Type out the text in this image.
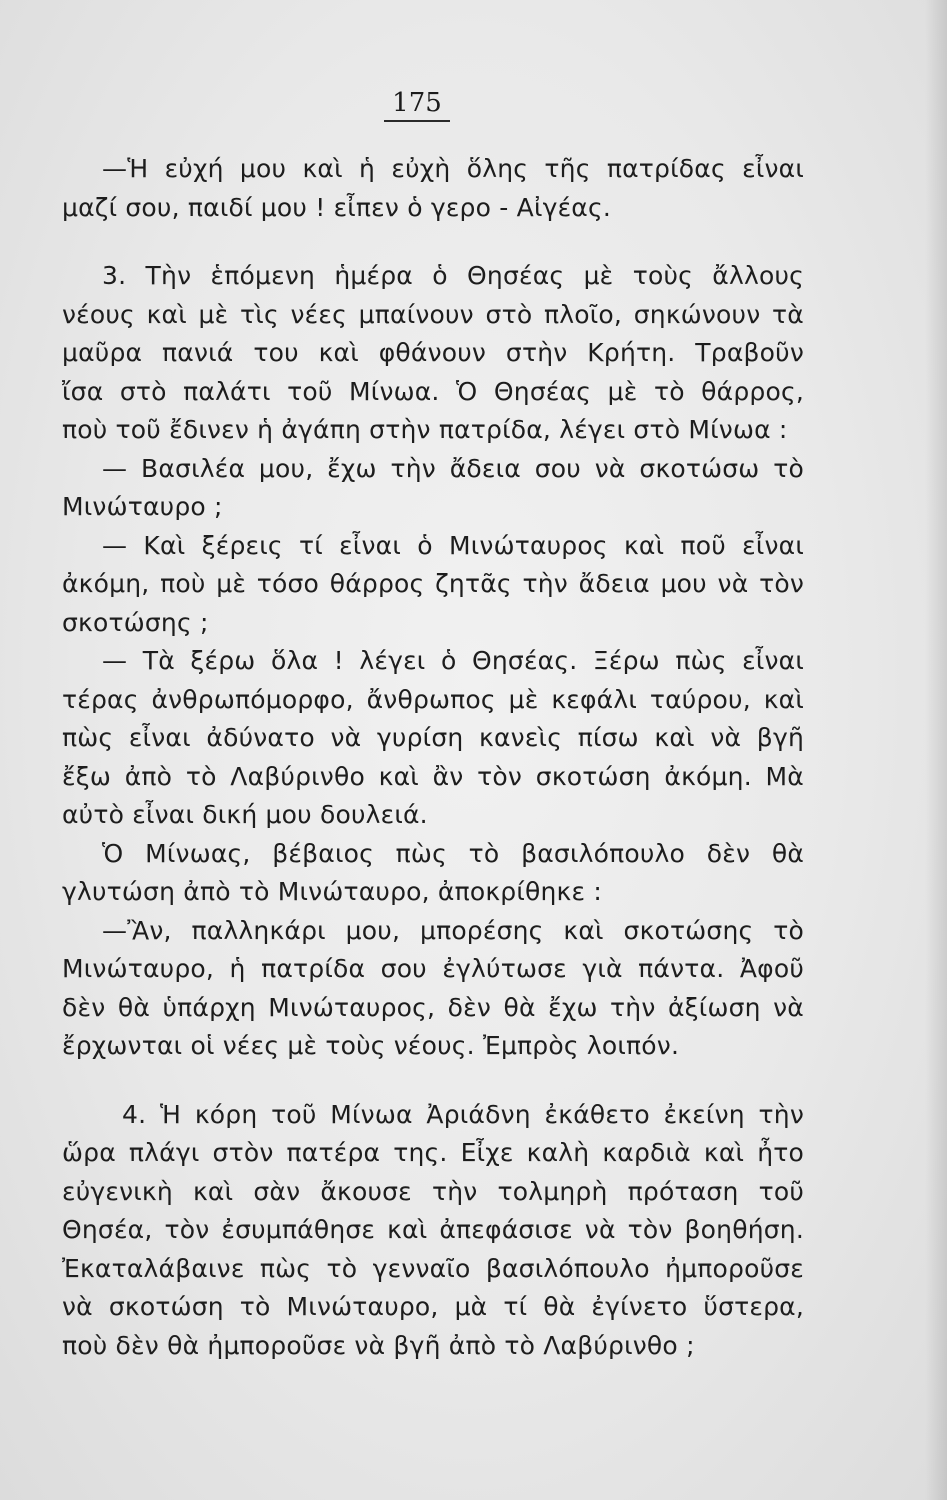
175
—Ἡ εὐχή μου καὶ ἡ εὐχὴ ὅλης τῆς πατρίδας εἶναι
μαζί σου, παιδί μου ! εἶπεν ὁ γερο - Αἰγέας.
3. Τὴν ἑπόμενη ἡμέρα ὁ Θησέας μὲ τοὺς ἄλλους
νέους καὶ μὲ τὶς νέες μπαίνουν στὸ πλοῖο, σηκώνουν τὰ
μαῦρα πανιά του καὶ φθάνουν στὴν Κρήτη. Τραβοῦν
ἴσα στὸ παλάτι τοῦ Μίνωα. Ὁ Θησέας μὲ τὸ θάρρος,
ποὺ τοῦ ἔδινεν ἡ ἀγάπη στὴν πατρίδα, λέγει στὸ Μίνωα :
— Βασιλέα μου, ἔχω τὴν ἄδεια σου νὰ σκοτώσω τὸ
Μινώταυρο ;
— Καὶ ξέρεις τί εἶναι ὁ Μινώταυρος καὶ ποῦ εἶναι
ἀκόμη, ποὺ μὲ τόσο θάρρος ζητᾶς τὴν ἄδεια μου νὰ τὸν
σκοτώσης ;
— Τὰ ξέρω ὅλα ! λέγει ὁ Θησέας. Ξέρω πὼς εἶναι
τέρας ἀνθρωπόμορφο, ἄνθρωπος μὲ κεφάλι ταύρου, καὶ
πὼς εἶναι ἀδύνατο νὰ γυρίση κανεὶς πίσω καὶ νὰ βγῆ
ἔξω ἀπὸ τὸ Λαβύρινθο καὶ ἂν τὸν σκοτώση ἀκόμη. Μὰ
αὐτὸ εἶναι δική μου δουλειά.
Ὁ Μίνωας, βέβαιος πὼς τὸ βασιλόπουλο δὲν θὰ
γλυτώση ἀπὸ τὸ Μινώταυρο, ἀποκρίθηκε :
—Ἂν, παλληκάρι μου, μπορέσης καὶ σκοτώσης τὸ
Μινώταυρο, ἡ πατρίδα σου ἐγλύτωσε γιὰ πάντα. Ἀφοῦ
δὲν θὰ ὑπάρχη Μινώταυρος, δὲν θὰ ἔχω τὴν ἀξίωση νὰ
ἔρχωνται οἱ νέες μὲ τοὺς νέους. Ἐμπρὸς λοιπόν.
4. Ἡ κόρη τοῦ Μίνωα Ἀριάδνη ἐκάθετο ἐκείνη τὴν
ὥρα πλάγι στὸν πατέρα της. Εἶχε καλὴ καρδιὰ καὶ ἦτο
εὐγενικὴ καὶ σὰν ἄκουσε τὴν τολμηρὴ πρόταση τοῦ
Θησέα, τὸν ἐσυμπάθησε καὶ ἀπεφάσισε νὰ τὸν βοηθήση.
Ἐκαταλάβαινε πὼς τὸ γενναῖο βασιλόπουλο ἠμποροῦσε
νὰ σκοτώση τὸ Μινώταυρο, μὰ τί θὰ ἐγίνετο ὕστερα,
ποὺ δὲν θὰ ἠμποροῦσε νὰ βγῆ ἀπὸ τὸ Λαβύρινθο ;
